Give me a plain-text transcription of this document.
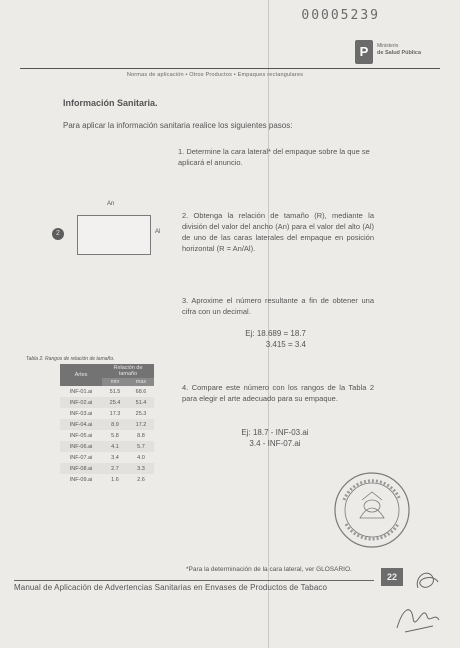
00005239
P	Ministerio
de Salud Pública
Normas de aplicación • Otros Productos • Empaques rectangulares
Información Sanitaria.
Para aplicar la información sanitaria realice los siguientes pasos:
1. Determine la cara lateral* del empaque sobre la que se aplicará el anuncio.
2
An
Al
2. Obtenga la relación de tamaño (R), mediante la división del valor del ancho (An) para el valor del alto (Al) de uno de las caras laterales del empaque en posición horizontal (R = An/Al).
3. Aproxime el número resultante a fin de obtener una cifra con un decimal.
Ej: 18.689 = 18.7
3.415 = 3.4
Tabla 2. Rangos de relación de tamaño.
Artes	Relación de tamaño	
	min	max
INF-01.ai	51.5	68.6
INF-02.ai	25.4	51.4
INF-03.ai	17.3	25.3
INF-04.ai	8.9	17.2
INF-05.ai	5.8	8.8
INF-06.ai	4.1	5.7
INF-07.ai	3.4	4.0
INF-08.ai	2.7	3.3
INF-09.ai	1.6	2.6
4. Compare este número con los rangos de la Tabla 2 para elegir el arte adecuado para su empaque.
Ej: 18.7 - INF-03.ai
3.4 - INF-07.ai
*Para la determinación de la cara lateral, ver GLOSARIO.
22
Manual de Aplicación de Advertencias Sanitarias en Envases de Productos de Tabaco
